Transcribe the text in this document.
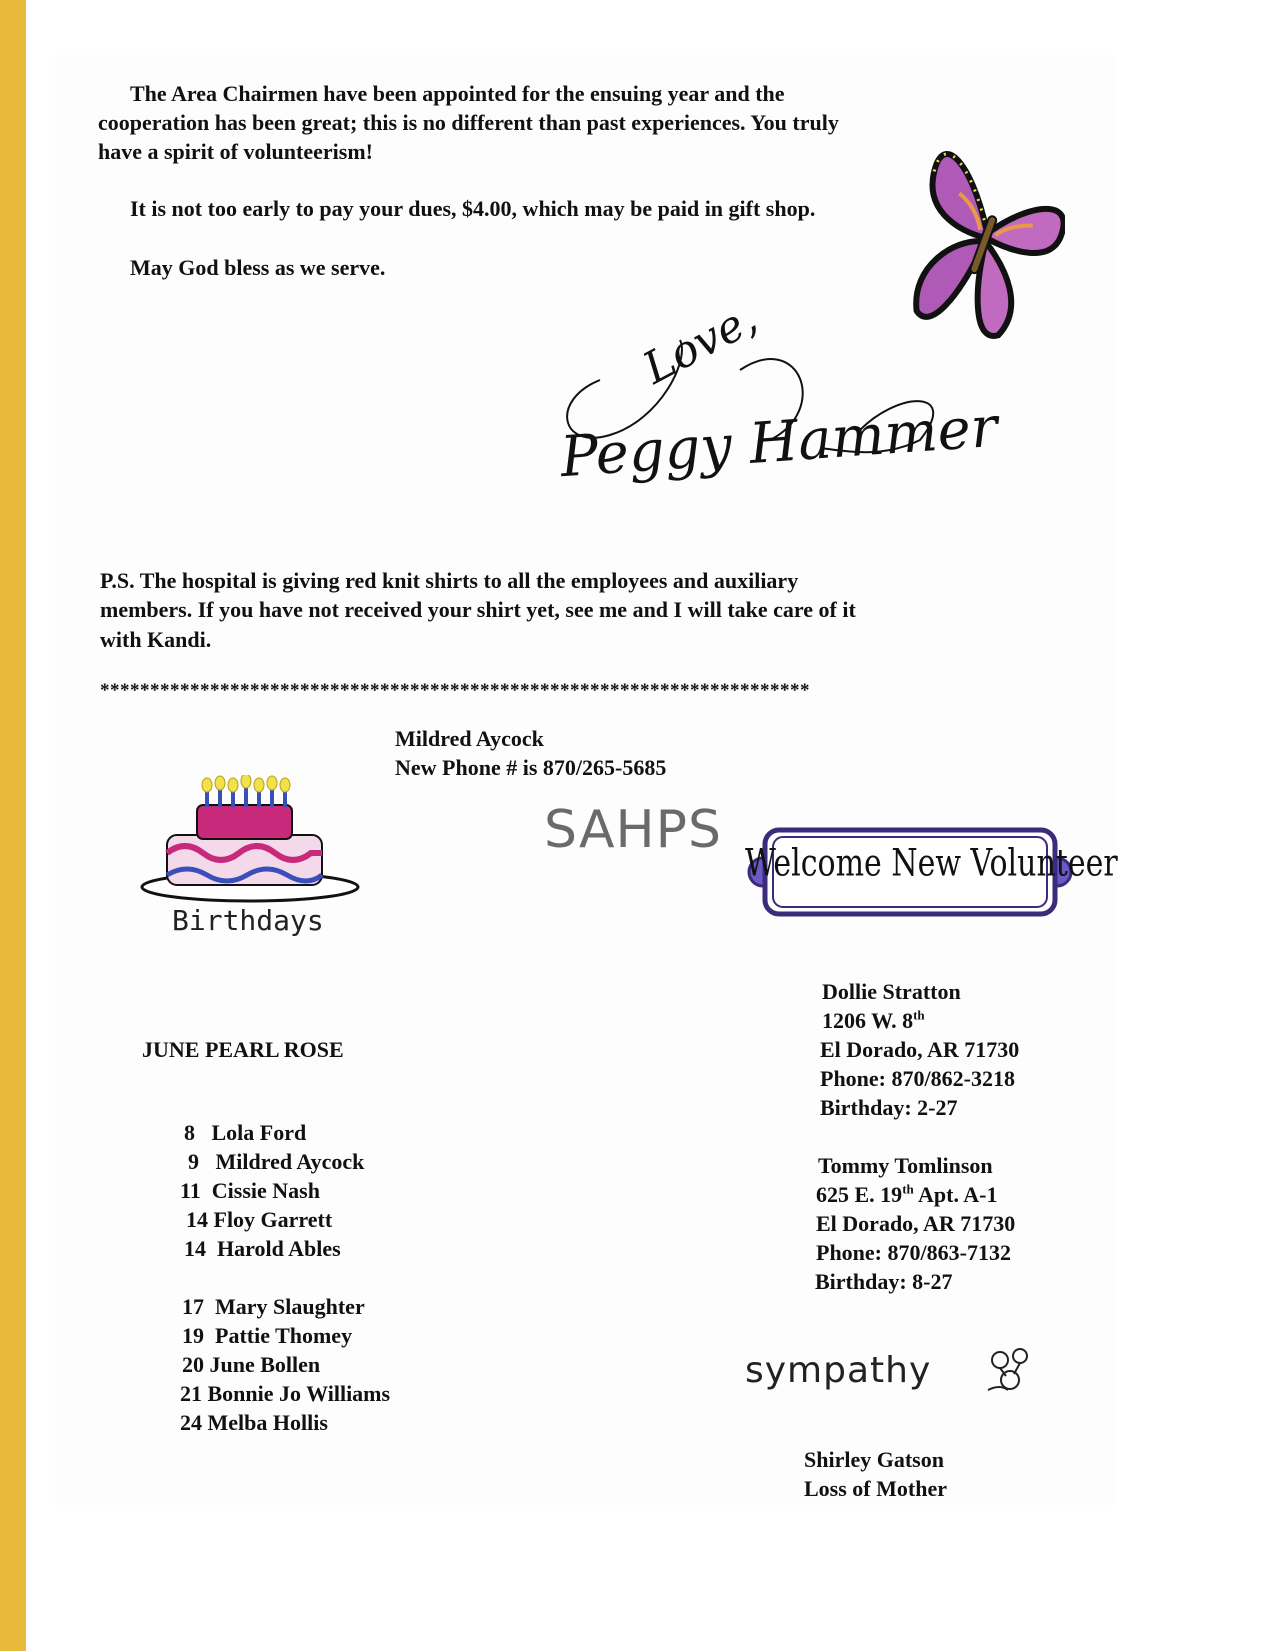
The Area Chairmen have been appointed for the ensuing year and the
cooperation has been great; this is no different than past experiences. You truly
have a spirit of volunteerism!
It is not too early to pay your dues, $4.00, which may be paid in gift shop.
May God bless as we serve.
Love,
Peggy Hammer
P.S. The hospital is giving red knit shirts to all the employees and auxiliary
members. If you have not received your shirt yet, see me and I will take care of it
with Kandi.
***********************************************************************
Mildred Aycock
New Phone # is 870/265-5685
SAHPS
Birthdays
JUNE PEARL ROSE
8 Lola Ford
9 Mildred Aycock
11 Cissie Nash
14 Floy Garrett
14 Harold Ables
17 Mary Slaughter
19 Pattie Thomey
20 June Bollen
21 Bonnie Jo Williams
24 Melba Hollis
Welcome New Volunteer
Dollie Stratton
1206 W. 8th
El Dorado, AR 71730
Phone: 870/862-3218
Birthday: 2-27
Tommy Tomlinson
625 E. 19th Apt. A-1
El Dorado, AR 71730
Phone: 870/863-7132
Birthday: 8-27
sympathy
Shirley Gatson
Loss of Mother
